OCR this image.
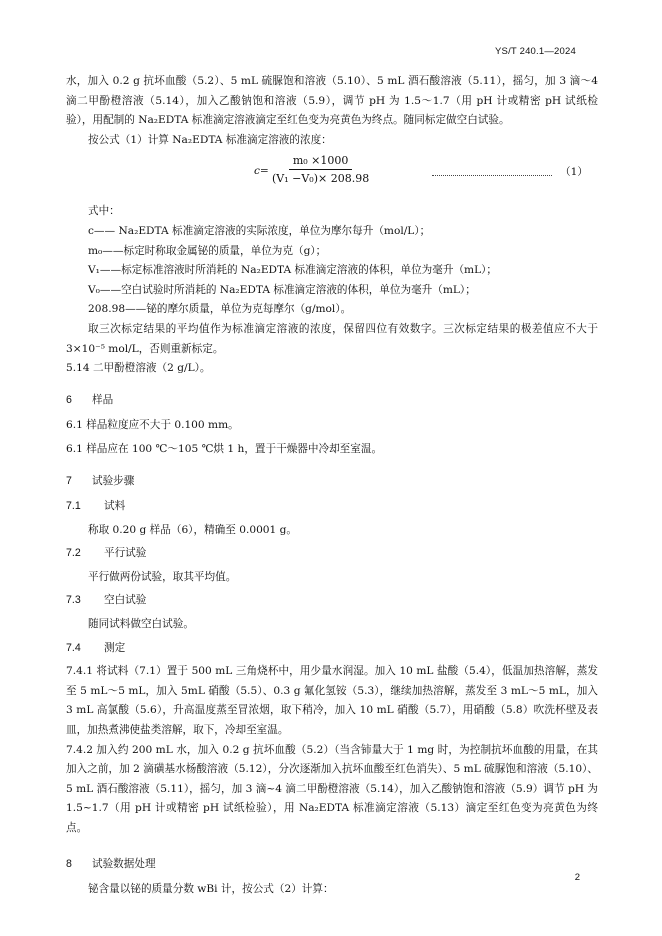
YS/T 240.1—2024

水，加入 0.2 g 抗坏血酸（5.2）、5 mL 硫脲饱和溶液（5.10）、5 mL 酒石酸溶液（5.11），摇匀，加 3 滴～4 滴二甲酚橙溶液（5.14），加入乙酸钠饱和溶液（5.9），调节 pH 为 1.5～1.7（用 pH 计或精密 pH 试纸检验），用配制的 Na₂EDTA 标准滴定溶液滴定至红色变为亮黄色为终点。随同标定做空白试验。

按公式（1）计算 Na₂EDTA 标准滴定溶液的浓度：

$c= \frac{\text{m₀ ×1000}}{\text{(V₁ −V₀)× 208.98}}$	（1）

式中：

c—— Na₂EDTA 标准滴定溶液的实际浓度，单位为摩尔每升（mol/L）；

m₀——标定时称取金属铋的质量，单位为克（g）；

V₁——标定标准溶液时所消耗的 Na₂EDTA 标准滴定溶液的体积，单位为毫升（mL）；

V₀——空白试验时所消耗的 Na₂EDTA 标准滴定溶液的体积，单位为毫升（mL）；

208.98——铋的摩尔质量，单位为克每摩尔（g/mol）。

取三次标定结果的平均值作为标准滴定溶液的浓度，保留四位有效数字。三次标定结果的极差值应不大于 3×10⁻⁵ mol/L，否则重新标定。

5.14 二甲酚橙溶液（2 g/L）。

6 样品

6.1 样品粒度应不大于 0.100 mm。

6.1 样品应在 100 ℃～105 ℃烘 1 h，置于干燥器中冷却至室温。

7 试验步骤

7.1 试料

称取 0.20 g 样品（6），精确至 0.0001 g。

7.2 平行试验

平行做两份试验，取其平均值。

7.3 空白试验

随同试料做空白试验。

7.4 测定

7.4.1 将试料（7.1）置于 500 mL 三角烧杯中，用少量水润湿。加入 10 mL 盐酸（5.4），低温加热溶解，蒸发至 5 mL～5 mL，加入 5mL 硝酸（5.5）、0.3 g 氟化氢铵（5.3），继续加热溶解，蒸发至 3 mL～5 mL，加入 3 mL 高氯酸（5.6），升高温度蒸至冒浓烟，取下稍冷，加入 10 mL 硝酸（5.7），用硝酸（5.8）吹洗杯壁及表皿，加热煮沸使盐类溶解，取下，冷却至室温。

7.4.2 加入约 200 mL 水，加入 0.2 g 抗坏血酸（5.2）（当含铈量大于 1 mg 时，为控制抗坏血酸的用量，在其加入之前，加 2 滴磺基水杨酸溶液（5.12），分次逐渐加入抗坏血酸至红色消失）、5 mL 硫脲饱和溶液（5.10）、5 mL 酒石酸溶液（5.11），摇匀，加 3 滴~4 滴二甲酚橙溶液（5.14），加入乙酸钠饱和溶液（5.9）调节 pH 为 1.5~1.7（用 pH 计或精密 pH 试纸检验），用 Na₂EDTA 标准滴定溶液（5.13）滴定至红色变为亮黄色为终点。

8 试验数据处理

铋含量以铋的质量分数 wBi 计，按公式（2）计算：

2
